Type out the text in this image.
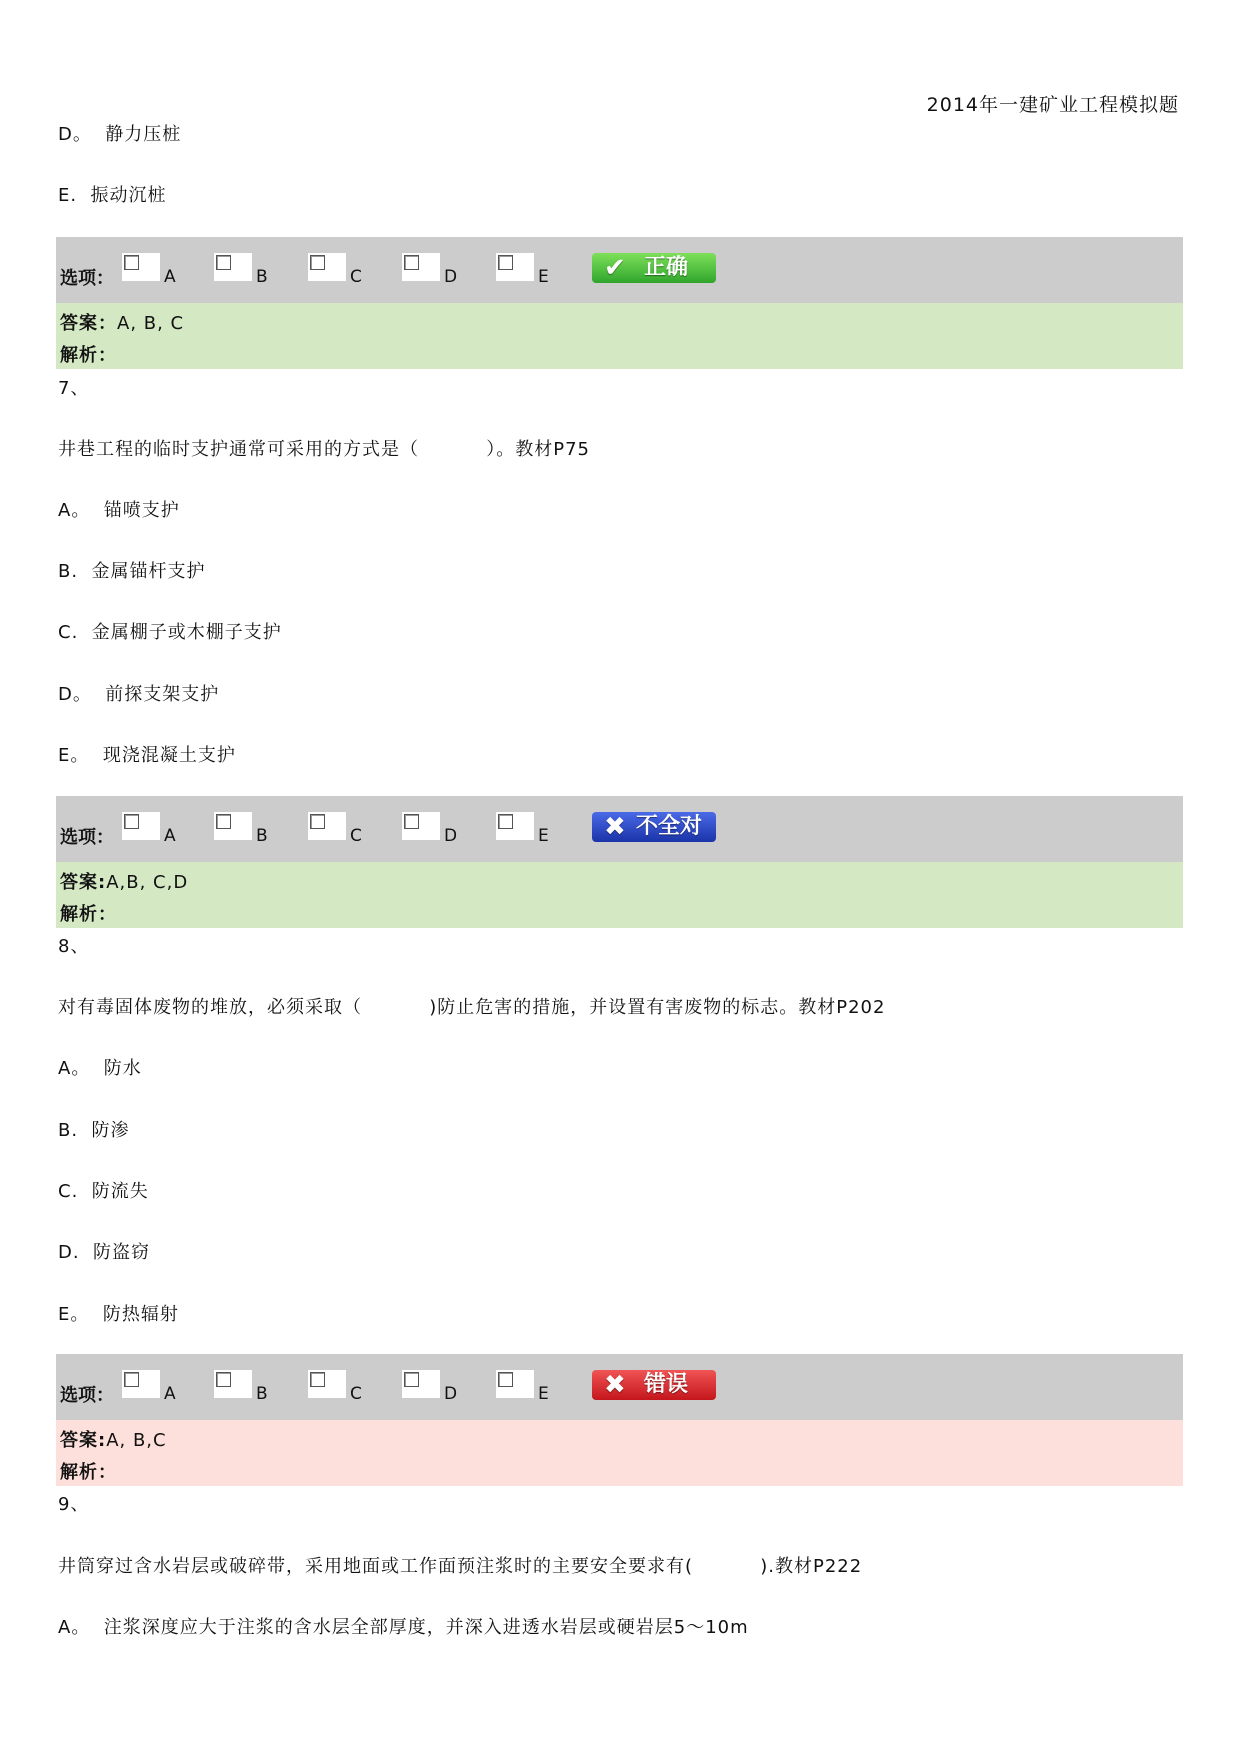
2014年一建矿业工程模拟题
D。  静力压桩
E.  振动沉桩
选项：	A	B	C	D	E ✔ 正确
答案：A, B, C
解析：
7、
井巷工程的临时支护通常可采用的方式是（          ）。教材P75
A。  锚喷支护
B.  金属锚杆支护
C.  金属棚子或木棚子支护
D。  前探支架支护
E。  现浇混凝土支护
选项：	A	B	C	D	E ✖ 不全对
答案:A,B, C,D
解析：
8、
对有毒固体废物的堆放，必须采取（          )防止危害的措施，并设置有害废物的标志。教材P202
A。  防水
B.  防渗
C.  防流失
D.  防盗窃
E。  防热辐射
选项：	A	B	C	D	E ✖ 错误
答案:A, B,C
解析：
9、
井筒穿过含水岩层或破碎带，采用地面或工作面预注浆时的主要安全要求有(          ).教材P222
A。  注浆深度应大于注浆的含水层全部厚度，并深入进透水岩层或硬岩层5～10m
